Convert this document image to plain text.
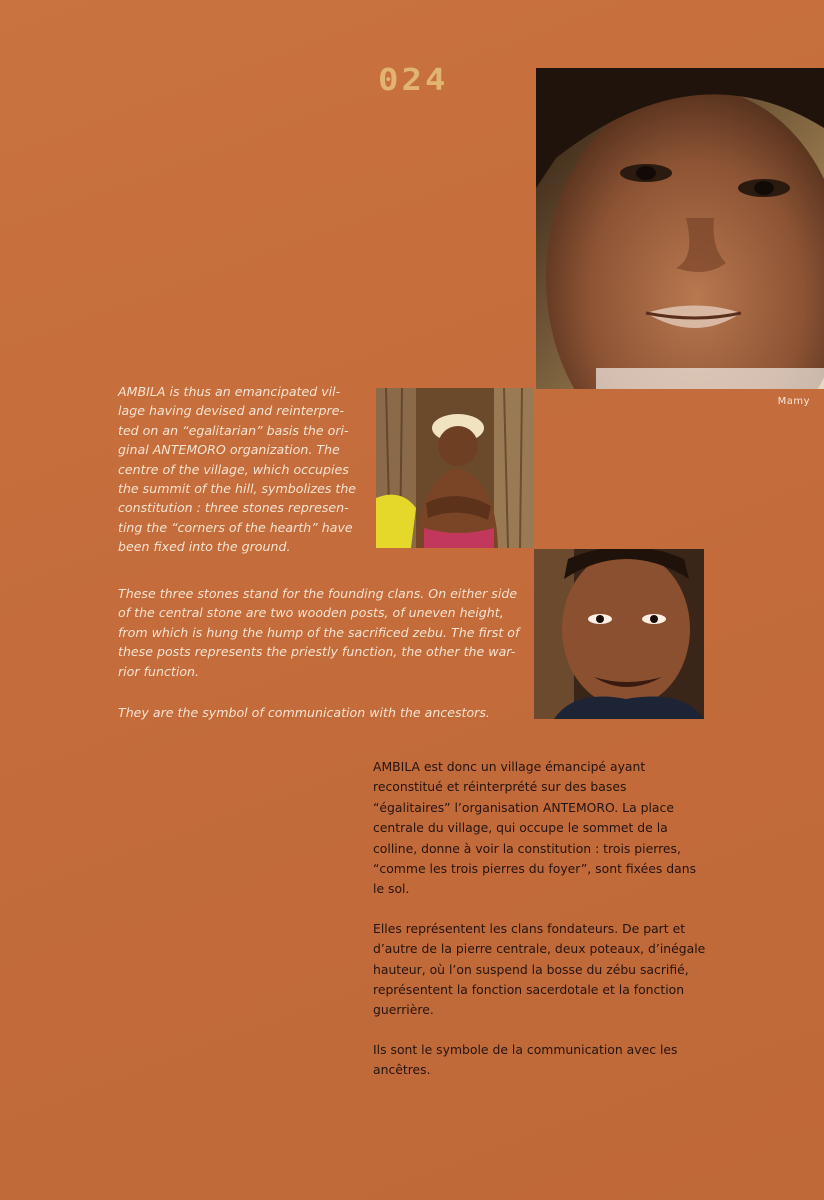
024
Mamy

AMBILA is thus an emancipated vil-

lage having devised and reinterpre-

ted on an “egalitarian” basis the ori-

ginal ANTEMORO organization. The

centre of the village, which occupies

the summit of the hill, symbolizes the

constitution : three stones represen-

ting the “corners of the hearth” have

been fixed into the ground.

These three stones stand for the founding clans. On either side

of the central stone are two wooden posts, of uneven height,

from which is hung the hump of the sacrificed zebu. The first of

these posts represents the priestly function, the other the war-

rior function.

They are the symbol of communication with the ancestors.

AMBILA est donc un village émancipé ayant reconstitué et réinterprété sur des bases “égalitaires” l’organisation ANTEMORO. La place centrale du village, qui occupe le sommet de la colline, donne à voir la constitution : trois pierres, “comme les trois pierres du foyer”, sont fixées dans le sol.

Elles représentent les clans fondateurs. De part et d’autre de la pierre centrale, deux poteaux, d’inégale hauteur, où l’on suspend la bosse du zébu sacrifié, représentent la fonction sacerdotale et la fonction guerrière.

Ils sont le symbole de la communication avec les ancêtres.
